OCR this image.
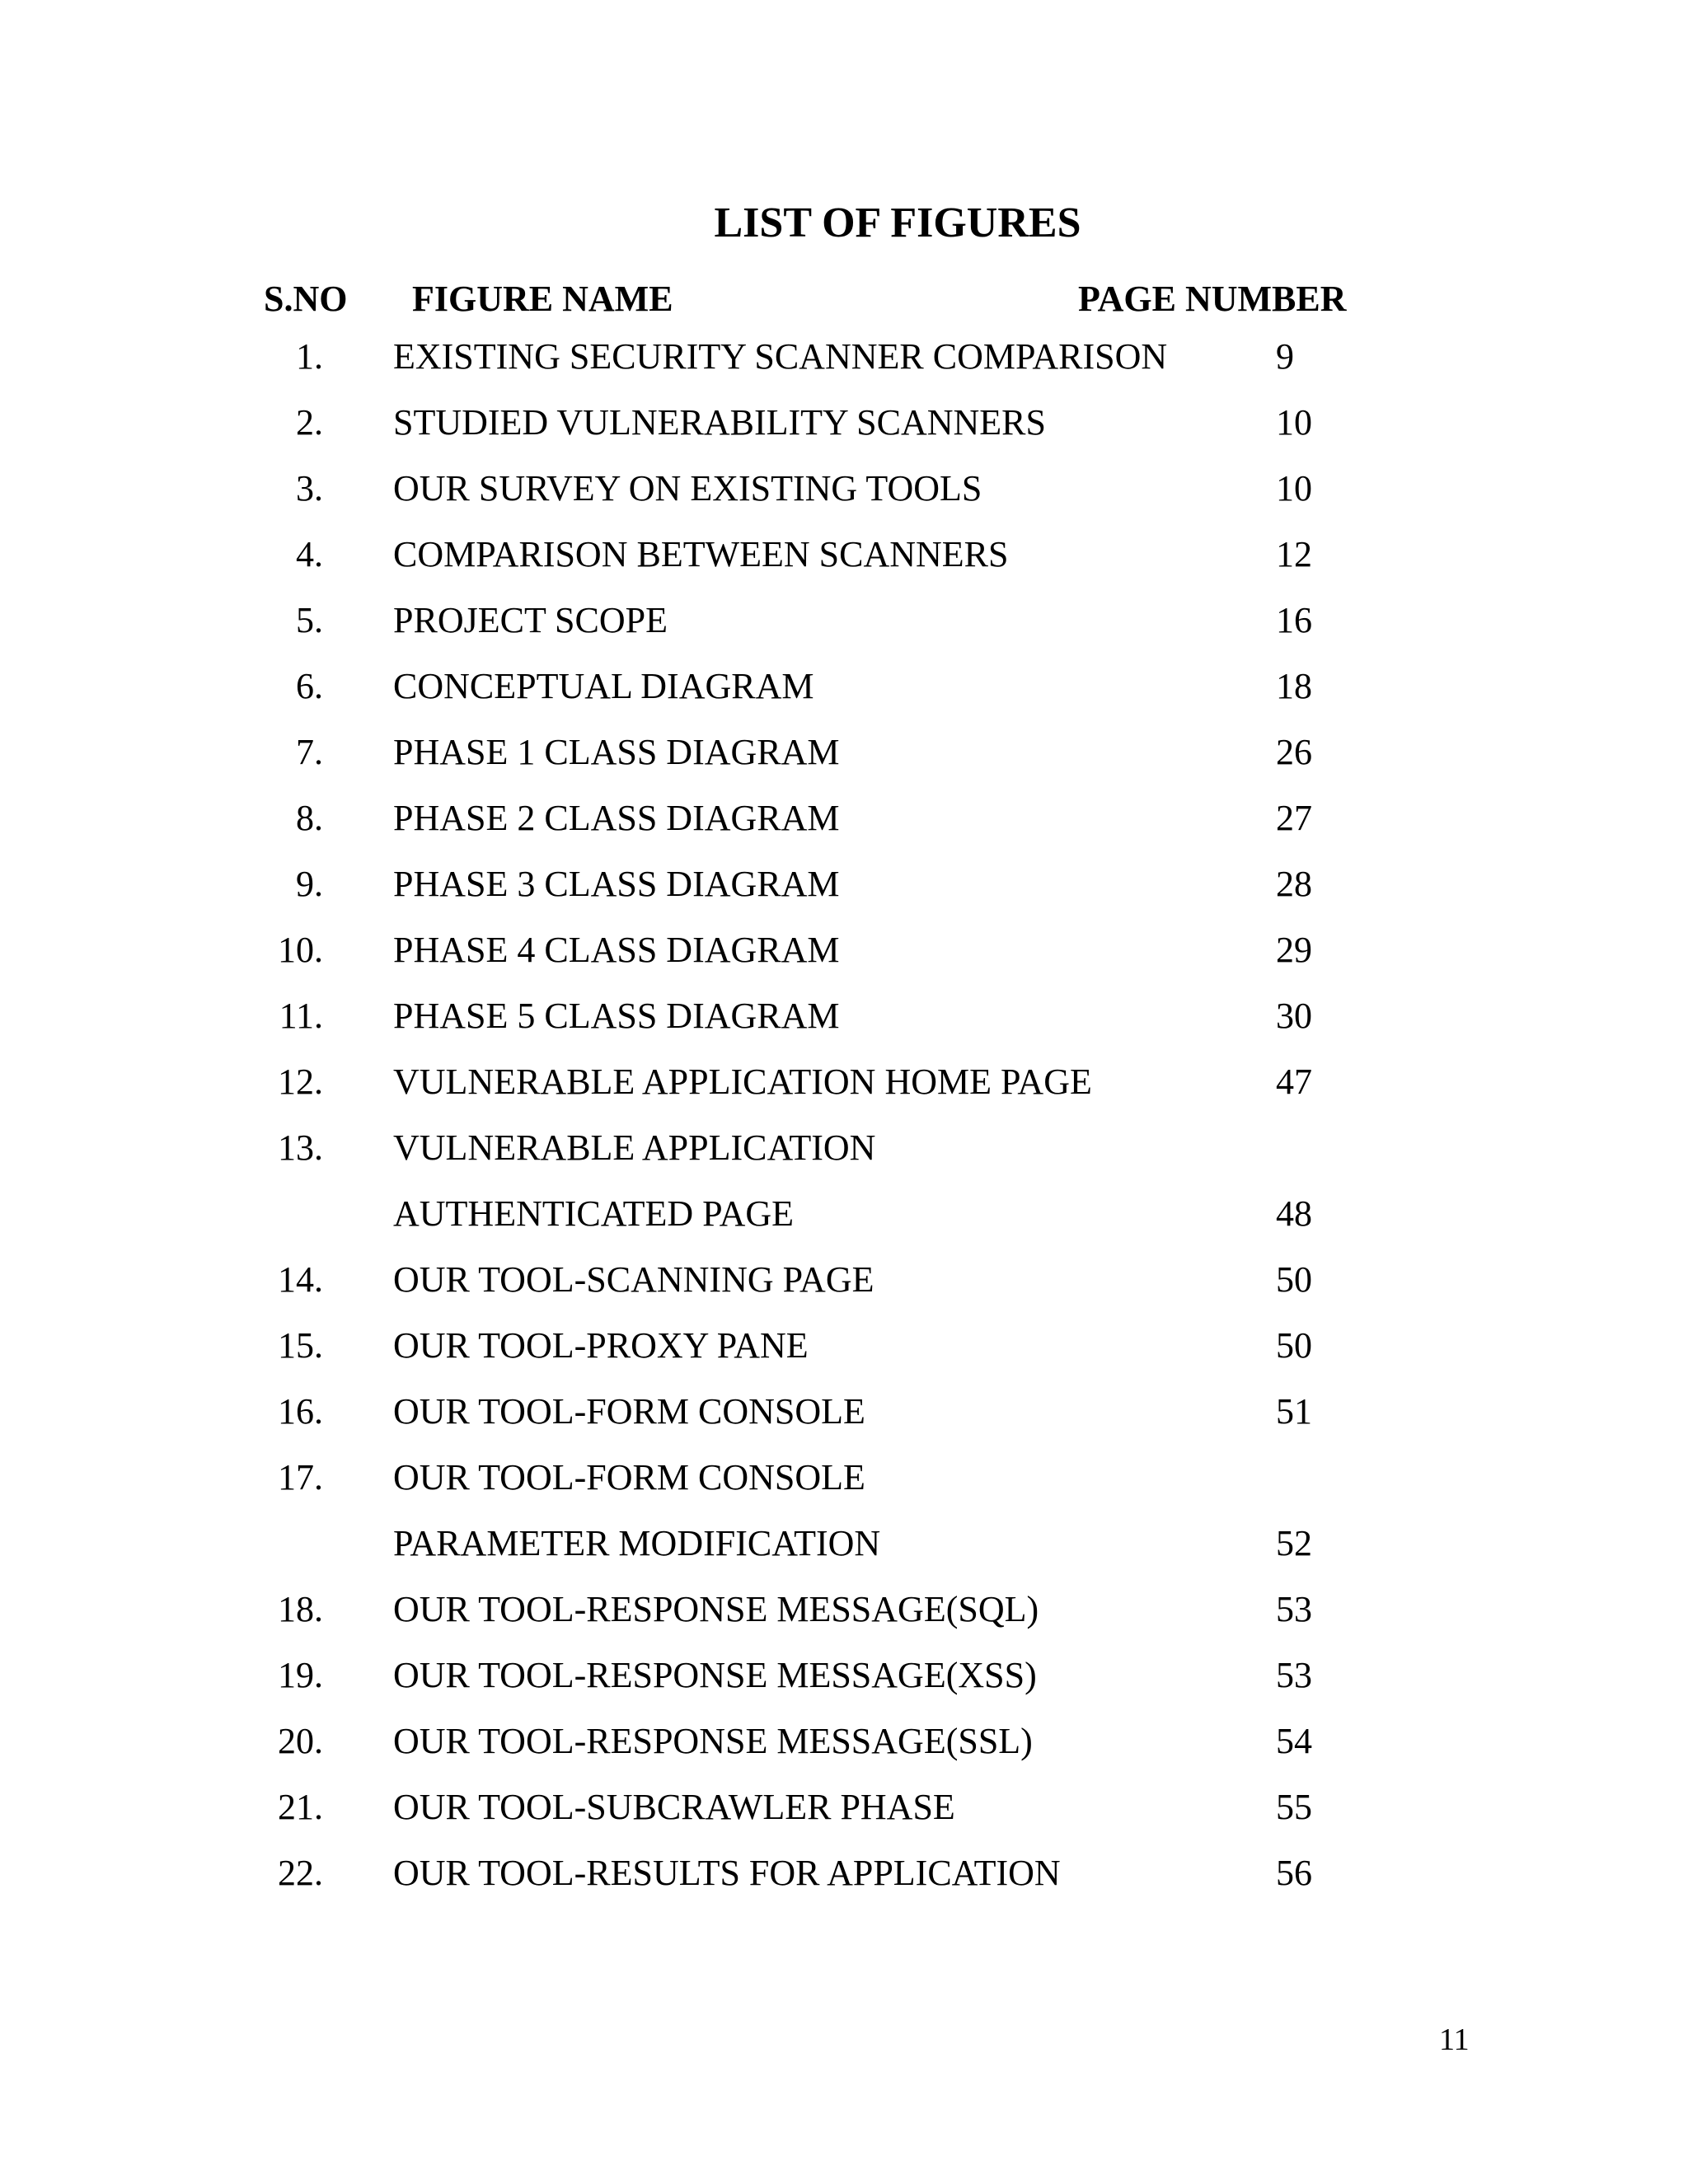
LIST OF FIGURES
S.NO FIGURE NAME	PAGE NUMBER
1. EXISTING SECURITY SCANNER COMPARISON	9
2. STUDIED VULNERABILITY SCANNERS	10
3. OUR SURVEY ON EXISTING TOOLS	10
4. COMPARISON BETWEEN SCANNERS	12
5. PROJECT SCOPE	16
6. CONCEPTUAL DIAGRAM	18
7. PHASE 1 CLASS DIAGRAM	26
8. PHASE 2 CLASS DIAGRAM	27
9. PHASE 3 CLASS DIAGRAM	28
10. PHASE 4 CLASS DIAGRAM	29
11. PHASE 5 CLASS DIAGRAM	30
12. VULNERABLE APPLICATION HOME PAGE	47
13. VULNERABLE APPLICATION
AUTHENTICATED PAGE	48
14. OUR TOOL-SCANNING PAGE	50
15. OUR TOOL-PROXY PANE	50
16. OUR TOOL-FORM CONSOLE	51
17. OUR TOOL-FORM CONSOLE
PARAMETER MODIFICATION	52
18. OUR TOOL-RESPONSE MESSAGE(SQL)	53
19. OUR TOOL-RESPONSE MESSAGE(XSS)	53
20. OUR TOOL-RESPONSE MESSAGE(SSL)	54
21. OUR TOOL-SUBCRAWLER PHASE	55
22. OUR TOOL-RESULTS FOR APPLICATION	56
11
